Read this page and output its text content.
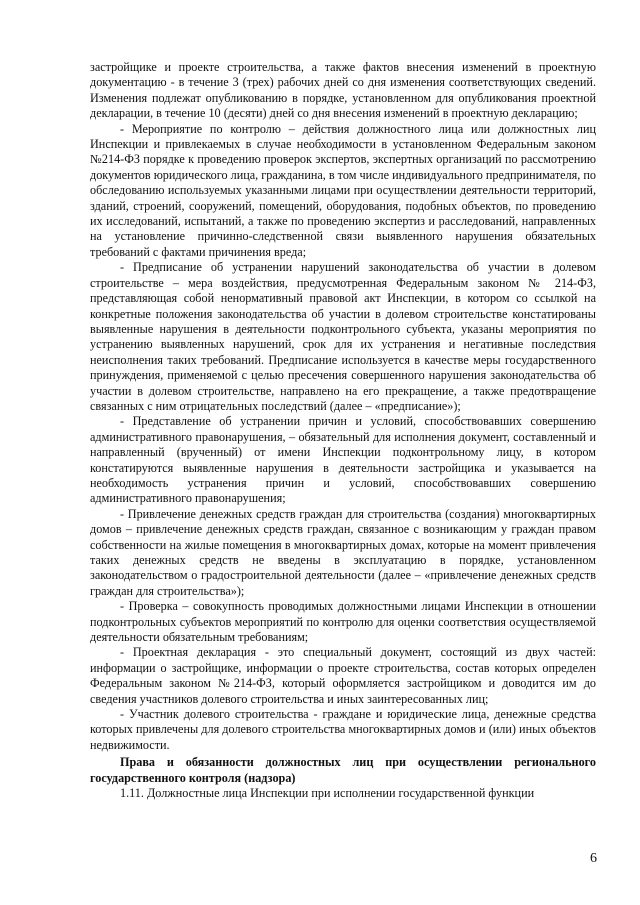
застройщике и проекте строительства, а также фактов внесения изменений в проектную документацию - в течение 3 (трех) рабочих дней со дня изменения соответствующих сведений. Изменения подлежат опубликованию в порядке, установленном для опубликования проектной декларации, в течение 10 (десяти) дней со дня внесения изменений в проектную декларацию;

- Мероприятие по контролю – действия должностного лица или должностных лиц Инспекции и привлекаемых в случае необходимости в установленном Федеральным законом №214-ФЗ порядке к проведению проверок экспертов, экспертных организаций по рассмотрению документов юридического лица, гражданина, в том числе индивидуального предпринимателя, по обследованию используемых указанными лицами при осуществлении деятельности территорий, зданий, строений, сооружений, помещений, оборудования, подобных объектов, по проведению их исследований, испытаний, а также по проведению экспертиз и расследований, направленных на установление причинно-следственной связи выявленного нарушения обязательных требований с фактами причинения вреда;

- Предписание об устранении нарушений законодательства об участии в долевом строительстве – мера воздействия, предусмотренная Федеральным законом № 214-ФЗ, представляющая собой ненормативный правовой акт Инспекции, в котором со ссылкой на конкретные положения законодательства об участии в долевом строительстве констатированы выявленные нарушения в деятельности подконтрольного субъекта, указаны мероприятия по устранению выявленных нарушений, срок для их устранения и негативные последствия неисполнения таких требований. Предписание используется в качестве меры государственного принуждения, применяемой с целью пресечения совершенного нарушения законодательства об участии в долевом строительстве, направлено на его прекращение, а также предотвращение связанных с ним отрицательных последствий (далее – «предписание»);

- Представление об устранении причин и условий, способствовавших совершению административного правонарушения, – обязательный для исполнения документ, составленный и направленный (врученный) от имени Инспекции подконтрольному лицу, в котором констатируются выявленные нарушения в деятельности застройщика и указывается на необходимость устранения причин и условий, способствовавших совершению административного правонарушения;

- Привлечение денежных средств граждан для строительства (создания) многоквартирных домов – привлечение денежных средств граждан, связанное с возникающим у граждан правом собственности на жилые помещения в многоквартирных домах, которые на момент привлечения таких денежных средств не введены в эксплуатацию в порядке, установленном законодательством о градостроительной деятельности (далее – «привлечение денежных средств граждан для строительства»);

- Проверка – совокупность проводимых должностными лицами Инспекции в отношении подконтрольных субъектов мероприятий по контролю для оценки соответствия осуществляемой деятельности обязательным требованиям;

- Проектная декларация - это специальный документ, состоящий из двух частей: информации о застройщике, информации о проекте строительства, состав которых определен Федеральным законом №214-ФЗ, который оформляется застройщиком и доводится им до сведения участников долевого строительства и иных заинтересованных лиц;

- Участник долевого строительства - граждане и юридические лица, денежные средства которых привлечены для долевого строительства многоквартирных домов и (или) иных объектов недвижимости.

Права и обязанности должностных лиц при осуществлении регионального государственного контроля (надзора)

1.11. Должностные лица Инспекции при исполнении государственной функции

6
